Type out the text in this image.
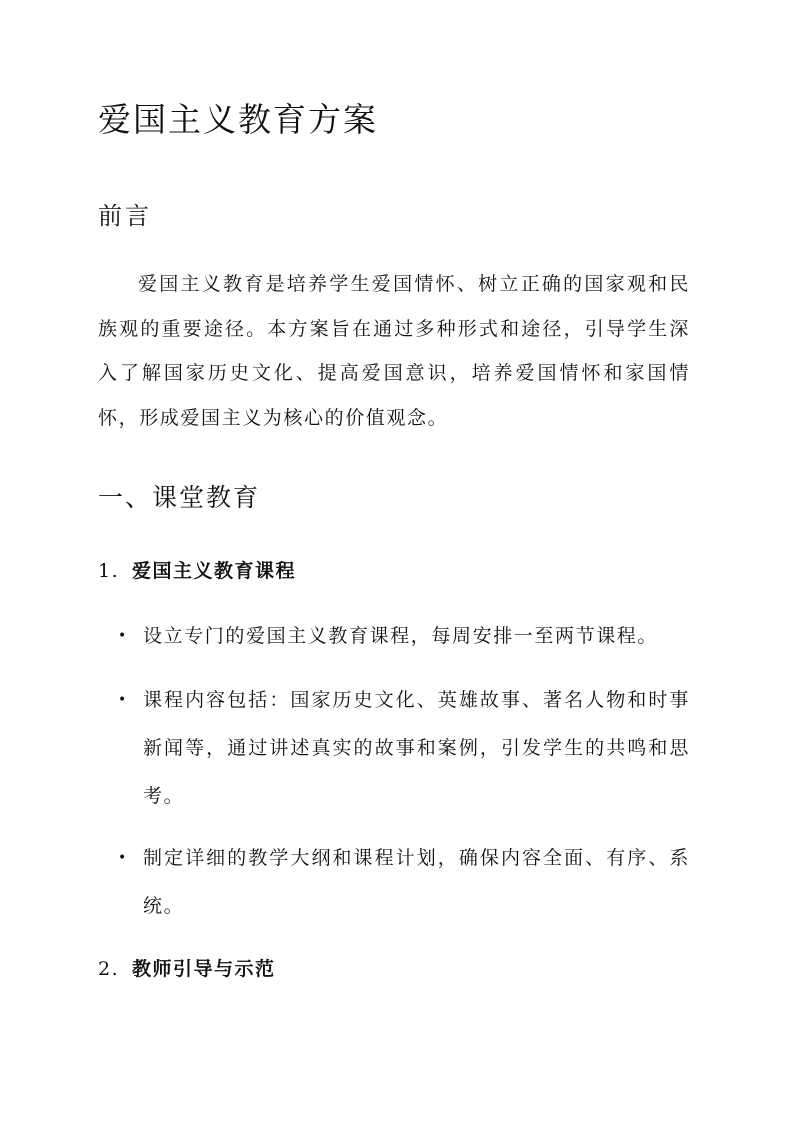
爱国主义教育方案
前言
爱国主义教育是培养学生爱国情怀、树立正确的国家观和民族观的重要途径。本方案旨在通过多种形式和途径，引导学生深入了解国家历史文化、提高爱国意识，培养爱国情怀和家国情怀，形成爱国主义为核心的价值观念。
一、课堂教育
1. 爱国主义教育课程
• 设立专门的爱国主义教育课程，每周安排一至两节课程。
• 课程内容包括：国家历史文化、英雄故事、著名人物和时事新闻等，通过讲述真实的故事和案例，引发学生的共鸣和思考。
• 制定详细的教学大纲和课程计划，确保内容全面、有序、系统。
2. 教师引导与示范
